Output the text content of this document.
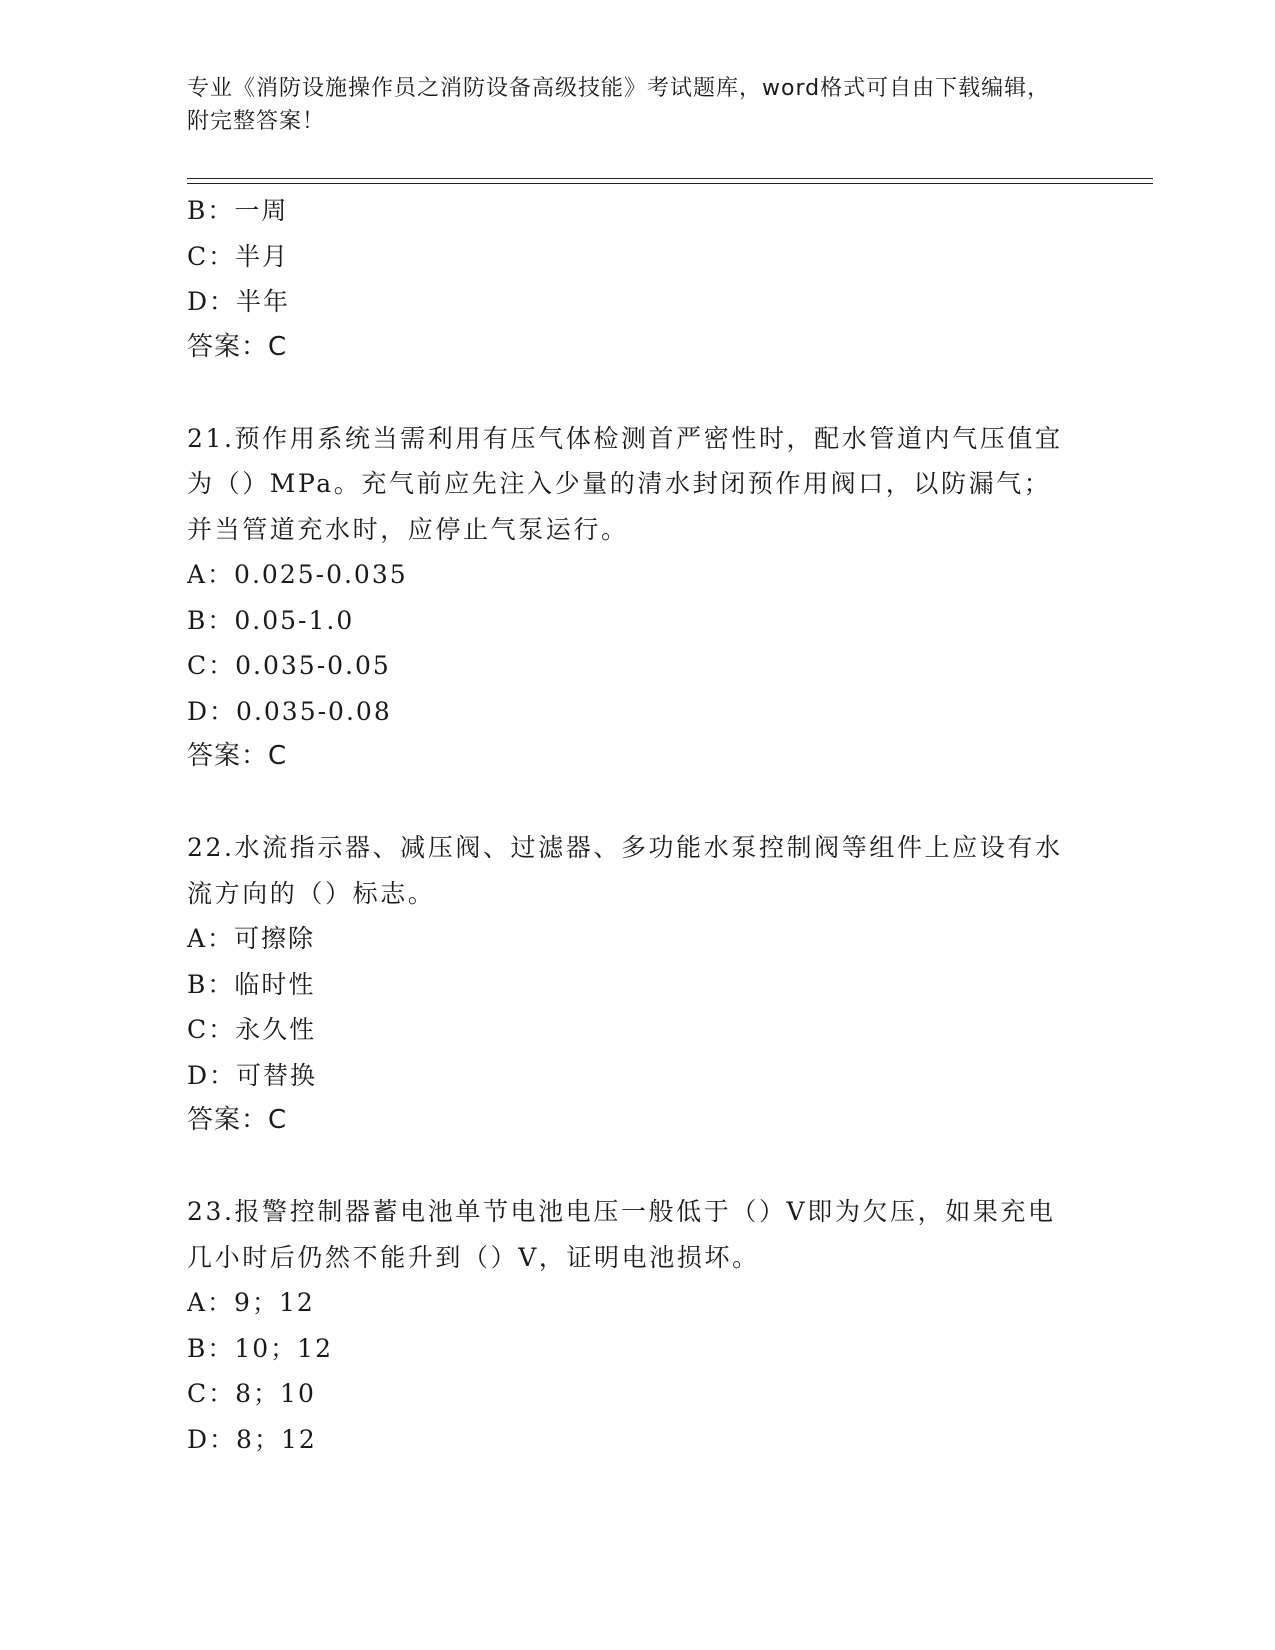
专业《消防设施操作员之消防设备高级技能》考试题库，word格式可自由下载编辑，附完整答案！
B：一周
C：半月
D：半年
答案：C
21.预作用系统当需利用有压气体检测首严密性时，配水管道内气压值宜为（）MPa。充气前应先注入少量的清水封闭预作用阀口，以防漏气；并当管道充水时，应停止气泵运行。
A：0.025-0.035
B：0.05-1.0
C：0.035-0.05
D：0.035-0.08
答案：C
22.水流指示器、减压阀、过滤器、多功能水泵控制阀等组件上应设有水流方向的（）标志。
A：可擦除
B：临时性
C：永久性
D：可替换
答案：C
23.报警控制器蓄电池单节电池电压一般低于（）V即为欠压，如果充电几小时后仍然不能升到（）V，证明电池损坏。
A：9；12
B：10；12
C：8；10
D：8；12
